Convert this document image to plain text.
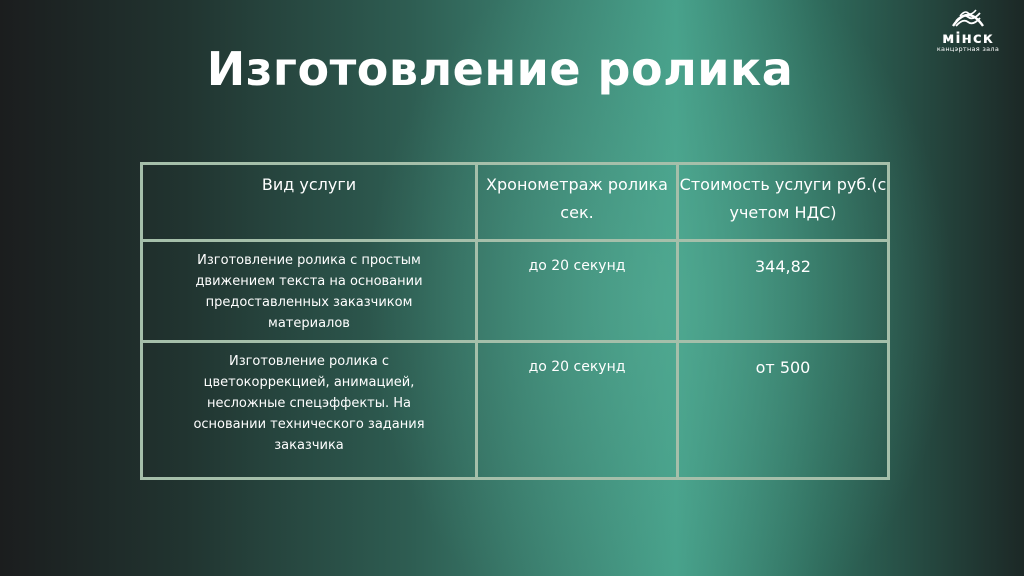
мінск
канцэртная зала
Изготовление ролика
Вид услуги	Хронометраж ролика сек.	Стоимость услуги руб.(с учетом НДС)

Изготовление ролика с простым движением текста на основании предоставленных заказчиком материалов	до 20 секунд	344,82

Изготовление ролика с цветокоррекцией, анимацией, несложные спецэффекты. На основании технического задания заказчика	до 20 секунд	от 500
